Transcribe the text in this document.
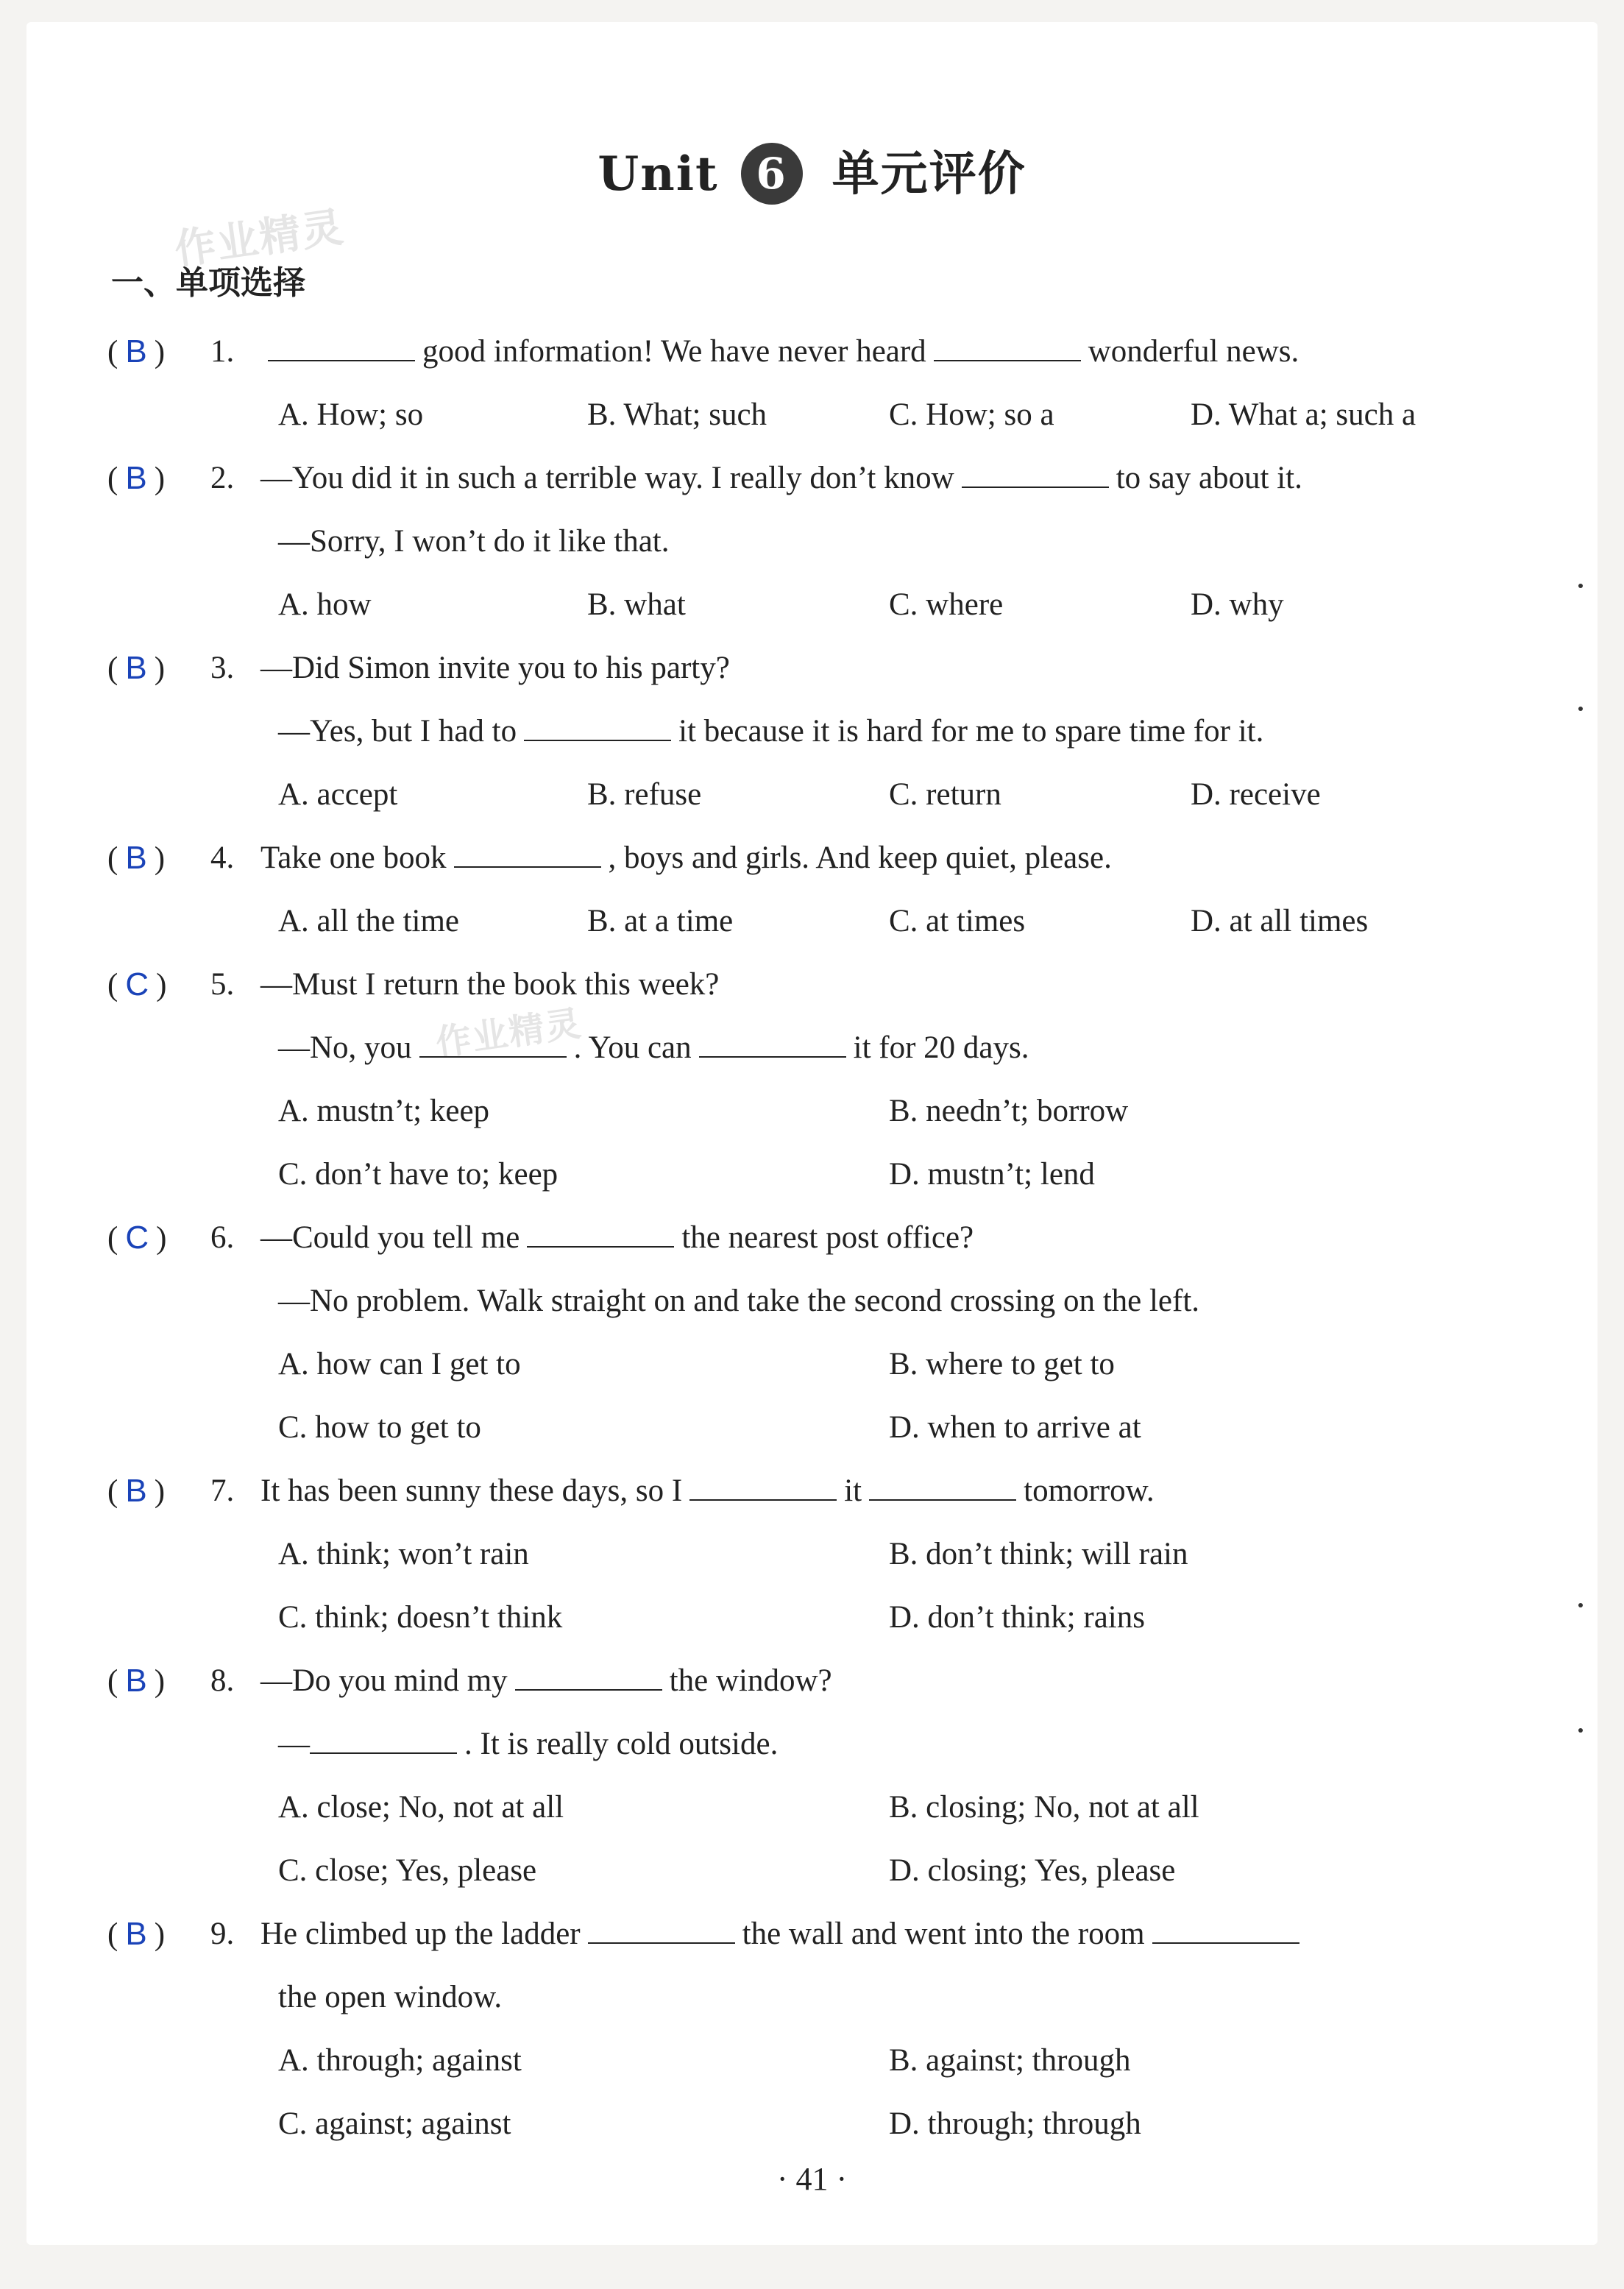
Unit 6 单元评价
作业精灵
作业精灵
一、单项选择
( B ) 1.	good information! We have never heard	wonderful news.
A. How; so	B. What; such	C. How; so a	D. What a; such a
( B ) 2. —You did it in such a terrible way. I really don’t know	to say about it.
—Sorry, I won’t do it like that.
A. how	B. what	C. where	D. why
( B ) 3. —Did Simon invite you to his party?
—Yes, but I had to	it because it is hard for me to spare time for it.
A. accept	B. refuse	C. return	D. receive
( B ) 4. Take one book	, boys and girls. And keep quiet, please.
A. all the time	B. at a time	C. at times	D. at all times
( C ) 5. —Must I return the book this week?
—No, you	. You can	it for 20 days.
A. mustn’t; keep	B. needn’t; borrow
C. don’t have to; keep	D. mustn’t; lend
( C ) 6. —Could you tell me	the nearest post office?
—No problem. Walk straight on and take the second crossing on the left.
A. how can I get to	B. where to get to
C. how to get to	D. when to arrive at
( B ) 7. It has been sunny these days, so I	it	tomorrow.
A. think; won’t rain	B. don’t think; will rain
C. think; doesn’t think	D. don’t think; rains
( B ) 8. —Do you mind my	the window?
—	. It is really cold outside.
A. close; No, not at all	B. closing; No, not at all
C. close; Yes, please	D. closing; Yes, please
( B ) 9. He climbed up the ladder	the wall and went into the room
the open window.
A. through; against	B. against; through
C. against; against	D. through; through
· 41 ·
